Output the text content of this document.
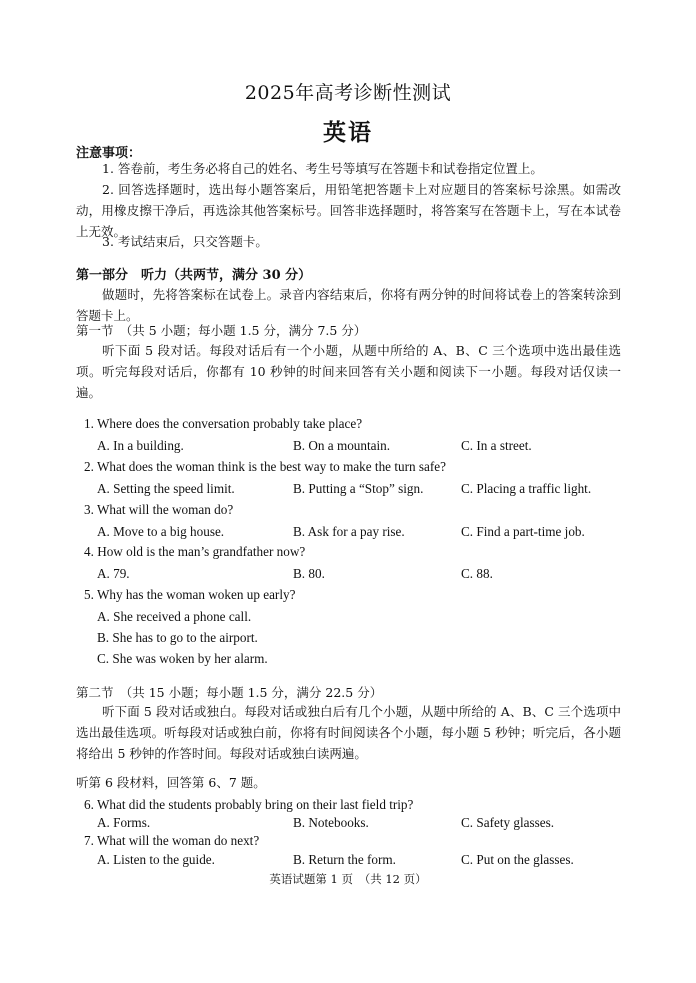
2025年高考诊断性测试
英语
注意事项：
1. 答卷前，考生务必将自己的姓名、考生号等填写在答题卡和试卷指定位置上。
2. 回答选择题时，选出每小题答案后，用铅笔把答题卡上对应题目的答案标号涂黑。如需改动，用橡皮擦干净后，再选涂其他答案标号。回答非选择题时，将答案写在答题卡上，写在本试卷上无效。
3. 考试结束后，只交答题卡。
第一部分　听力（共两节，满分 30 分）
做题时，先将答案标在试卷上。录音内容结束后，你将有两分钟的时间将试卷上的答案转涂到答题卡上。
第一节　（共 5 小题；每小题 1.5 分，满分 7.5 分）
听下面 5 段对话。每段对话后有一个小题，从题中所给的 A、B、C 三个选项中选出最佳选项。听完每段对话后，你都有 10 秒钟的时间来回答有关小题和阅读下一小题。每段对话仅读一遍。
1. Where does the conversation probably take place?
A. In a building.	B. On a mountain.	C. In a street.
2. What does the woman think is the best way to make the turn safe?
A. Setting the speed limit.	B. Putting a “Stop” sign.	C. Placing a traffic light.
3. What will the woman do?
A. Move to a big house.	B. Ask for a pay rise.	C. Find a part-time job.
4. How old is the man’s grandfather now?
A. 79.	B. 80.	C. 88.
5. Why has the woman woken up early?
A. She received a phone call.
B. She has to go to the airport.
C. She was woken by her alarm.
第二节　（共 15 小题；每小题 1.5 分，满分 22.5 分）
听下面 5 段对话或独白。每段对话或独白后有几个小题，从题中所给的 A、B、C 三个选项中选出最佳选项。听每段对话或独白前，你将有时间阅读各个小题，每小题 5 秒钟；听完后，各小题将给出 5 秒钟的作答时间。每段对话或独白读两遍。
听第 6 段材料，回答第 6、7 题。
6. What did the students probably bring on their last field trip?
A. Forms.	B. Notebooks.	C. Safety glasses.
7. What will the woman do next?
A. Listen to the guide.	B. Return the form.	C. Put on the glasses.
英语试题第 1 页　（共 12 页）
